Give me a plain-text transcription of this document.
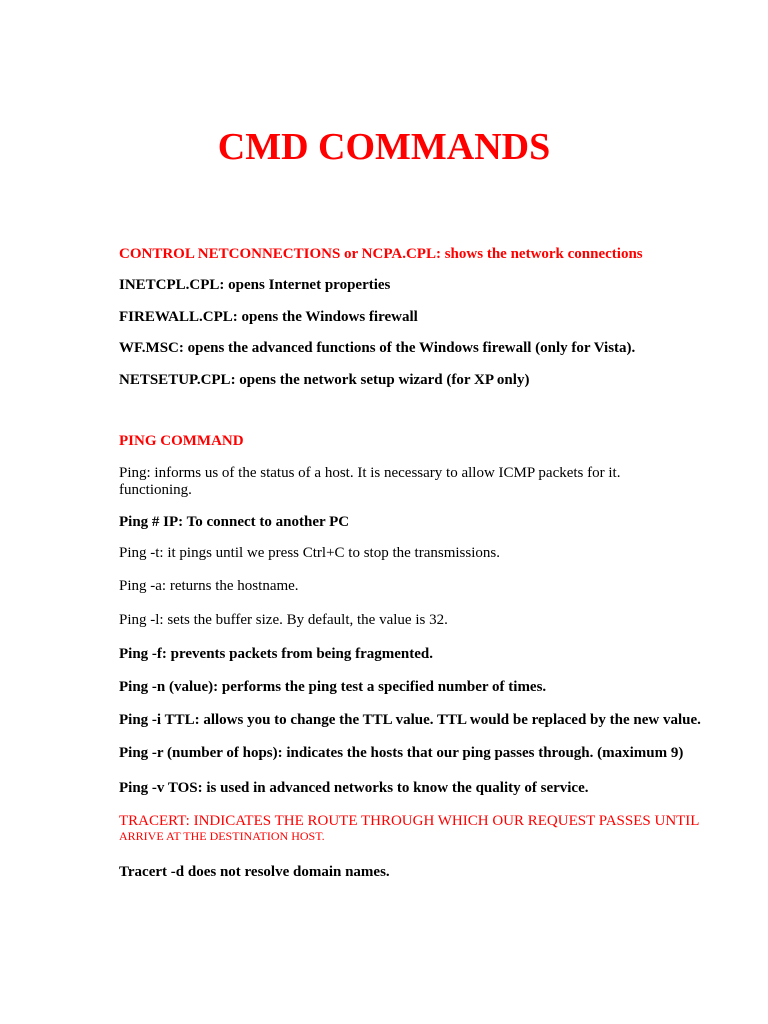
CMD COMMANDS
CONTROL NETCONNECTIONS or NCPA.CPL: shows the network connections
INETCPL.CPL: opens Internet properties
FIREWALL.CPL: opens the Windows firewall
WF.MSC: opens the advanced functions of the Windows firewall (only for Vista).
NETSETUP.CPL: opens the network setup wizard (for XP only)
PING COMMAND
Ping: informs us of the status of a host. It is necessary to allow ICMP packets for it.
functioning.
Ping # IP: To connect to another PC
Ping -t: it pings until we press Ctrl+C to stop the transmissions.
Ping -a: returns the hostname.
Ping -l: sets the buffer size. By default, the value is 32.
Ping -f: prevents packets from being fragmented.
Ping -n (value): performs the ping test a specified number of times.
Ping -i TTL: allows you to change the TTL value. TTL would be replaced by the new value.
Ping -r (number of hops): indicates the hosts that our ping passes through. (maximum 9)
Ping -v TOS: is used in advanced networks to know the quality of service.
TRACERT: INDICATES THE ROUTE THROUGH WHICH OUR REQUEST PASSES UNTIL
ARRIVE AT THE DESTINATION HOST.
Tracert -d does not resolve domain names.
